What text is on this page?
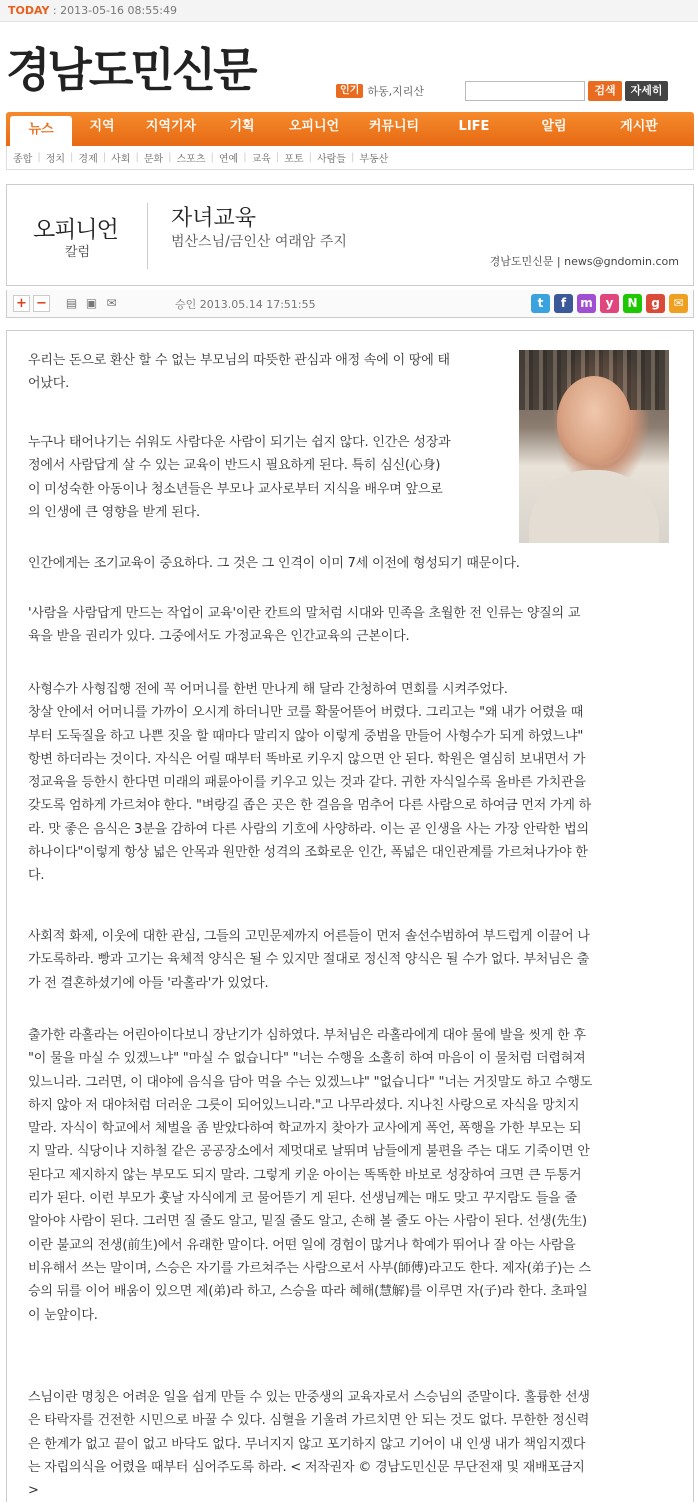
TODAY : 2013-05-16 08:55:49
경남도민신문	인기 하동,지리산	검색	자세히
뉴스	지역	지역기자	기획	오피니언	커뮤니티	LIFE	알림	게시판
종합 | 정치 | 경제 | 사회 | 문화 | 스포츠 | 연예 | 교육 | 포토 | 사람들 | 부동산
오피니언
칼럼
자녀교육
범산스님/금인산 여래암 주지
경남도민신문 | news@gndomin.com
+ − ▤ ▣ ✉	승인 2013.05.14 17:51:55	t	f	m	y	N	g	✉
우리는 돈으로 환산 할 수 없는 부모님의 따뜻한 관심과 애정 속에 이 땅에 태
어났다.
누구나 태어나기는 쉬워도 사람다운 사람이 되기는 쉽지 않다. 인간은 성장과
정에서 사람답게 살 수 있는 교육이 반드시 필요하게 된다. 특히 심신(心身)
이 미성숙한 아동이나 청소년들은 부모나 교사로부터 지식을 배우며 앞으로
의 인생에 큰 영향을 받게 된다.
인간에게는 조기교육이 중요하다. 그 것은 그 인격이 이미 7세 이전에 형성되기 때문이다.
'사람을 사람답게 만드는 작업이 교육'이란 칸트의 말처럼 시대와 민족을 초월한 전 인류는 양질의 교
육을 받을 권리가 있다. 그중에서도 가정교육은 인간교육의 근본이다.
사형수가 사형집행 전에 꼭 어머니를 한번 만나게 해 달라 간청하여 면회를 시켜주었다.
창살 안에서 어머니를 가까이 오시게 하더니만 코를 확물어뜯어 버렸다. 그리고는 "왜 내가 어렸을 때
부터 도둑질을 하고 나쁜 짓을 할 때마다 말리지 않아 이렇게 중범을 만들어 사형수가 되게 하였느냐"
항변 하더라는 것이다. 자식은 어릴 때부터 똑바로 키우지 않으면 안 된다. 학원은 열심히 보내면서 가
정교육을 등한시 한다면 미래의 패륜아이를 키우고 있는 것과 같다. 귀한 자식일수록 올바른 가치관을
갖도록 엄하게 가르쳐야 한다. "벼랑길 좁은 곳은 한 걸음을 멈추어 다른 사람으로 하여금 먼저 가게 하
라. 맛 좋은 음식은 3분을 감하여 다른 사람의 기호에 사양하라. 이는 곧 인생을 사는 가장 안락한 법의
하나이다"이렇게 항상 넓은 안목과 원만한 성격의 조화로운 인간, 폭넓은 대인관계를 가르쳐나가야 한
다.
사회적 화제, 이웃에 대한 관심, 그들의 고민문제까지 어른들이 먼저 솔선수범하여 부드럽게 이끌어 나
가도록하라. 빵과 고기는 육체적 양식은 될 수 있지만 절대로 정신적 양식은 될 수가 없다. 부처님은 출
가 전 결혼하셨기에 아들 '라홀라'가 있었다.
출가한 라홀라는 어린아이다보니 장난기가 심하였다. 부처님은 라홀라에게 대야 물에 발을 씻게 한 후
"이 물을 마실 수 있겠느냐" "마실 수 없습니다" "너는 수행을 소홀히 하여 마음이 이 물처럼 더렵혀져
있느니라. 그러면, 이 대야에 음식을 담아 먹을 수는 있겠느냐" "없습니다" "너는 거짓말도 하고 수행도
하지 않아 저 대야처럼 더러운 그릇이 되어있느니라."고 나무라셨다. 지나친 사랑으로 자식을 망치지
말라. 자식이 학교에서 체벌을 좀 받았다하여 학교까지 찾아가 교사에게 폭언, 폭행을 가한 부모는 되
지 말라. 식당이나 지하철 같은 공공장소에서 제멋대로 날뛰며 남들에게 불편을 주는 대도 기죽이면 안
된다고 제지하지 않는 부모도 되지 말라. 그렇게 키운 아이는 똑똑한 바보로 성장하여 크면 큰 두통거
리가 된다. 이런 부모가 훗날 자식에게 코 물어뜯기 게 된다. 선생님께는 매도 맞고 꾸지람도 들을 줄
알아야 사람이 된다. 그러면 질 줄도 알고, 밑질 줄도 알고, 손해 볼 줄도 아는 사람이 된다. 선생(先生)
이란 불교의 전생(前生)에서 유래한 말이다. 어떤 일에 경험이 많거나 학예가 뛰어나 잘 아는 사람을
비유해서 쓰는 말이며, 스승은 자기를 가르쳐주는 사람으로서 사부(師傅)라고도 한다. 제자(弟子)는 스
승의 뒤를 이어 배움이 있으면 제(弟)라 하고, 스승을 따라 혜해(慧解)를 이루면 자(子)라 한다. 초파일
이 눈앞이다.
스님이란 명칭은 어려운 일을 쉽게 만들 수 있는 만중생의 교육자로서 스승님의 준말이다. 훌륭한 선생
은 타락자를 건전한 시민으로 바꿀 수 있다. 심혈을 기울려 가르치면 안 되는 것도 없다. 무한한 정신력
은 한계가 없고 끝이 없고 바닥도 없다. 무너지지 않고 포기하지 않고 기어이 내 인생 내가 책임지겠다
는 자립의식을 어렸을 때부터 심어주도록 하라. < 저작권자 © 경남도민신문 무단전재 및 재배포금지
>
